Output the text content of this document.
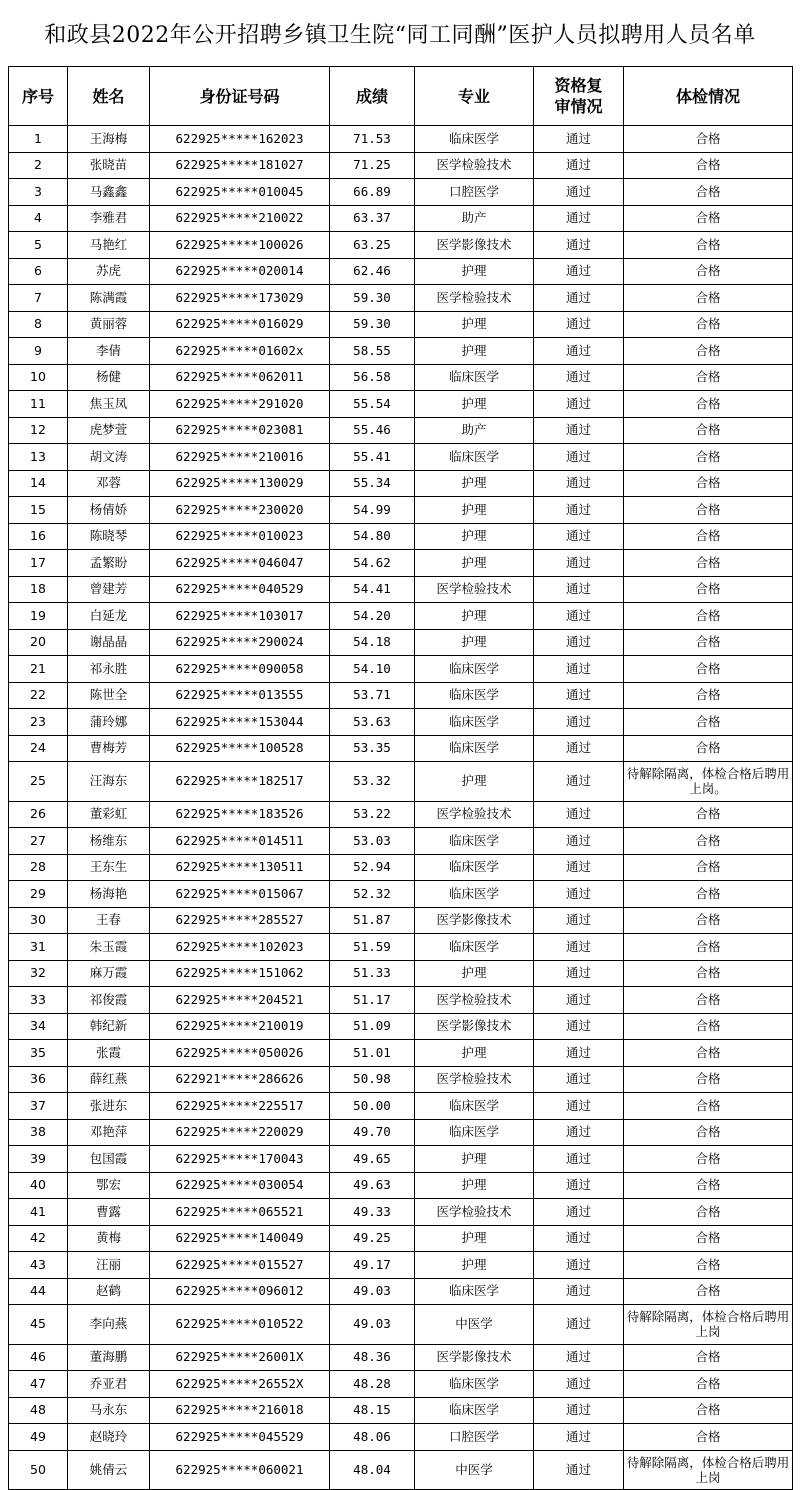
和政县2022年公开招聘乡镇卫生院“同工同酬”医护人员拟聘用人员名单
序号	姓名	身份证号码	成绩	专业	资格复审情况	体检情况
1	王海梅	622925*****162023	71.53	临床医学	通过	合格
2	张晓苗	622925*****181027	71.25	医学检验技术	通过	合格
3	马鑫鑫	622925*****010045	66.89	口腔医学	通过	合格
4	李雅君	622925*****210022	63.37	助产	通过	合格
5	马艳红	622925*****100026	63.25	医学影像技术	通过	合格
6	苏虎	622925*****020014	62.46	护理	通过	合格
7	陈满霞	622925*****173029	59.30	医学检验技术	通过	合格
8	黄丽蓉	622925*****016029	59.30	护理	通过	合格
9	李倩	622925*****01602x	58.55	护理	通过	合格
10	杨健	622925*****062011	56.58	临床医学	通过	合格
11	焦玉凤	622925*****291020	55.54	护理	通过	合格
12	虎梦萱	622925*****023081	55.46	助产	通过	合格
13	胡文涛	622925*****210016	55.41	临床医学	通过	合格
14	邓蓉	622925*****130029	55.34	护理	通过	合格
15	杨倩娇	622925*****230020	54.99	护理	通过	合格
16	陈晓琴	622925*****010023	54.80	护理	通过	合格
17	孟繁盼	622925*****046047	54.62	护理	通过	合格
18	曾建芳	622925*****040529	54.41	医学检验技术	通过	合格
19	白延龙	622925*****103017	54.20	护理	通过	合格
20	谢晶晶	622925*****290024	54.18	护理	通过	合格
21	祁永胜	622925*****090058	54.10	临床医学	通过	合格
22	陈世全	622925*****013555	53.71	临床医学	通过	合格
23	蒲玲娜	622925*****153044	53.63	临床医学	通过	合格
24	曹梅芳	622925*****100528	53.35	临床医学	通过	合格
25	汪海东	622925*****182517	53.32	护理	通过	待解除隔离，体检合格后聘用上岗。
26	董彩虹	622925*****183526	53.22	医学检验技术	通过	合格
27	杨维东	622925*****014511	53.03	临床医学	通过	合格
28	王东生	622925*****130511	52.94	临床医学	通过	合格
29	杨海艳	622925*****015067	52.32	临床医学	通过	合格
30	王春	622925*****285527	51.87	医学影像技术	通过	合格
31	朱玉霞	622925*****102023	51.59	临床医学	通过	合格
32	麻万霞	622925*****151062	51.33	护理	通过	合格
33	祁俊霞	622925*****204521	51.17	医学检验技术	通过	合格
34	韩纪新	622925*****210019	51.09	医学影像技术	通过	合格
35	张霞	622925*****050026	51.01	护理	通过	合格
36	薛红燕	622921*****286626	50.98	医学检验技术	通过	合格
37	张进东	622925*****225517	50.00	临床医学	通过	合格
38	邓艳萍	622925*****220029	49.70	临床医学	通过	合格
39	包国霞	622925*****170043	49.65	护理	通过	合格
40	鄂宏	622925*****030054	49.63	护理	通过	合格
41	曹露	622925*****065521	49.33	医学检验技术	通过	合格
42	黄梅	622925*****140049	49.25	护理	通过	合格
43	汪丽	622925*****015527	49.17	护理	通过	合格
44	赵鹤	622925*****096012	49.03	临床医学	通过	合格
45	李向燕	622925*****010522	49.03	中医学	通过	待解除隔离，体检合格后聘用上岗
46	董海鹏	622925*****26001X	48.36	医学影像技术	通过	合格
47	乔亚君	622925*****26552X	48.28	临床医学	通过	合格
48	马永东	622925*****216018	48.15	临床医学	通过	合格
49	赵晓玲	622925*****045529	48.06	口腔医学	通过	合格
50	姚倩云	622925*****060021	48.04	中医学	通过	待解除隔离，体检合格后聘用上岗
